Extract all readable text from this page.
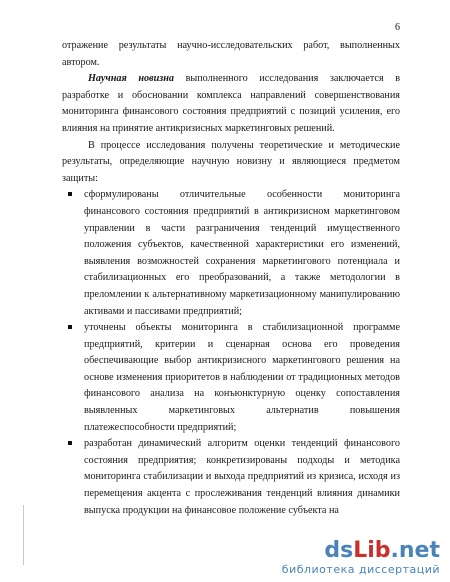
6

отражение результаты научно-исследовательских работ, выполненных автором.

Научная новизна выполненного исследования заключается в разработке и обосновании комплекса направлений совершенствования мониторинга финансового состояния предприятий с позиций усиления, его влияния на принятие антикризисных маркетинговых решений.

В процессе исследования получены теоретические и методические результаты, определяющие научную новизну и являющиеся предметом защиты:

сформулированы отличительные особенности мониторинга финансового состояния предприятий в антикризисном маркетинговом управлении в части разграничения тенденций имущественного положения субъектов, качественной характеристики его изменений, выявления возможностей сохранения маркетингового потенциала и стабилизационных его преобразований, а также методологии в преломлении к альтернативному маркетизационному манипулированию активами и пассивами предприятий;
уточнены объекты мониторинга в стабилизационной программе предприятий, критерии и сценарная основа его проведения обеспечивающие выбор антикризисного маркетингового решения на основе изменения приоритетов в наблюдении от традиционных методов финансового анализа на конъюнктурную оценку сопоставления выявленных маркетинговых альтернатив повышения платежеспособности предприятий;
разработан динамический алгоритм оценки тенденций финансового состояния предприятия; конкретизированы подходы и методика мониторинга стабилизации и выхода предприятий из кризиса, исходя из перемещения акцента с прослеживания тенденций влияния динамики выпуска продукции на финансовое положение субъекта на
dsLib.net
библиотека диссертаций
